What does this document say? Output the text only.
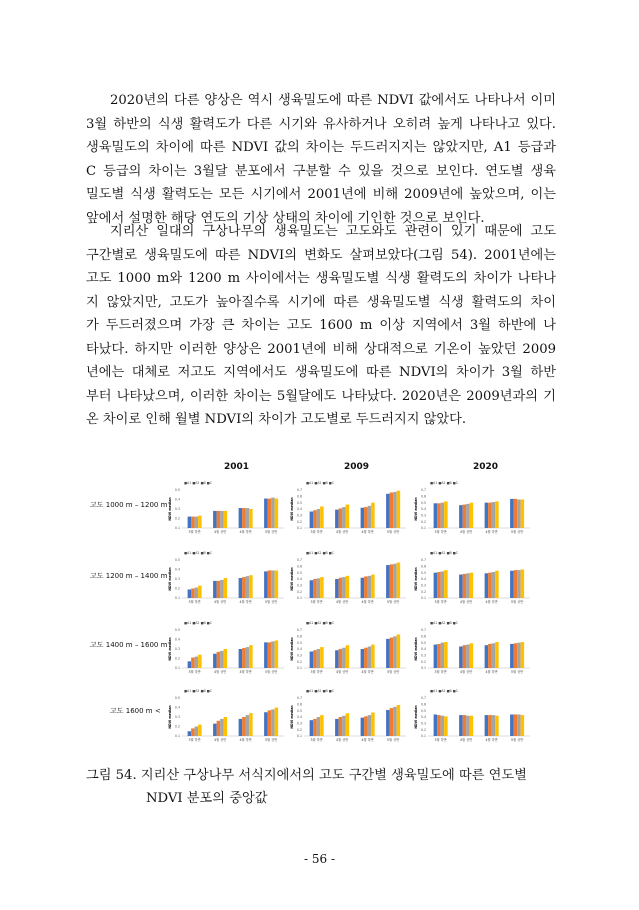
2020년의 다른 양상은 역시 생육밀도에 따른 NDVI 값에서도 나타나서 이미
3월 하반의 식생 활력도가 다른 시기와 유사하거나 오히려 높게 나타나고 있다.
생육밀도의 차이에 따른 NDVI 값의 차이는 두드러지지는 않았지만, A1 등급과
C 등급의 차이는 3월달 분포에서 구분할 수 있을 것으로 보인다. 연도별 생육
밀도별 식생 활력도는 모든 시기에서 2001년에 비해 2009년에 높았으며, 이는
앞에서 설명한 해당 연도의 기상 상태의 차이에 기인한 것으로 보인다.
지리산 일대의 구상나무의 생육밀도는 고도와도 관련이 있기 때문에 고도
구간별로 생육밀도에 따른 NDVI의 변화도 살펴보았다(그림 54). 2001년에는
고도 1000 m와 1200 m 사이에서는 생육밀도별 식생 활력도의 차이가 나타나
지 않았지만, 고도가 높아질수록 시기에 따른 생육밀도별 식생 활력도의 차이
가 두드러졌으며 가장 큰 차이는 고도 1600 m 이상 지역에서 3월 하반에 나
타났다. 하지만 이러한 양상은 2001년에 비해 상대적으로 기온이 높았던 2009
년에는 대체로 저고도 지역에서도 생육밀도에 따른 NDVI의 차이가 3월 하반
부터 나타났으며, 이러한 차이는 5월달에도 나타났다. 2020년은 2009년과의 기
온 차이로 인해 월별 NDVI의 차이가 고도별로 두드러지지 않았다.
2001	2009	2020
고도 1000 m – 1200 m
고도 1200 m – 1400 m
고도 1400 m – 1600 m
고도 1600 m <
0.1
0.2
0.3
0.4
0.5
NDVI median
■A1 ■A2 ■B ■C
3월 하반	4월 상반	4월 하반	5월 상반
0.1
0.2
0.3
0.4
0.5
0.6
0.7
NDVI median
■A1 ■A2 ■B ■C
3월 하반	4월 상반	4월 하반	5월 상반
0.1
0.2
0.3
0.4
0.5
0.6
0.7
NDVI median
■A1 ■A2 ■B ■C
3월 하반	4월 상반	4월 하반	5월 상반
0.1
0.2
0.3
0.4
0.5
NDVI median
■A1 ■A2 ■B ■C
3월 하반	4월 상반	4월 하반	5월 상반
0.1
0.2
0.3
0.4
0.5
0.6
0.7
NDVI median
■A1 ■A2 ■B ■C
3월 하반	4월 상반	4월 하반	5월 상반
0.1
0.2
0.3
0.4
0.5
0.6
0.7
NDVI median
■A1 ■A2 ■B ■C
3월 하반	4월 상반	4월 하반	5월 상반
0.1
0.2
0.3
0.4
0.5
NDVI median
■A1 ■A2 ■B ■C
3월 하반	4월 상반	4월 하반	5월 상반
0.1
0.2
0.3
0.4
0.5
0.6
0.7
NDVI median
■A1 ■A2 ■B ■C
3월 하반	4월 상반	4월 하반	5월 상반
0.1
0.2
0.3
0.4
0.5
0.6
0.7
NDVI median
■A1 ■A2 ■B ■C
3월 하반	4월 상반	4월 하반	5월 상반
0.1
0.2
0.3
0.4
0.5
NDVI median
■A1 ■A2 ■B ■C
3월 하반	4월 상반	4월 하반	5월 상반
0.1
0.2
0.3
0.4
0.5
0.6
0.7
NDVI median
■A1 ■A2 ■B ■C
3월 하반	4월 상반	4월 하반	5월 상반
0.1
0.2
0.3
0.4
0.5
0.6
0.7
NDVI median
■A1 ■A2 ■B ■C
3월 하반	4월 상반	4월 하반	5월 상반

그림 54. 지리산 구상나무 서식지에서의 고도 구간별 생육밀도에 따른 연도별
NDVI 분포의 중앙값

- 56 -
